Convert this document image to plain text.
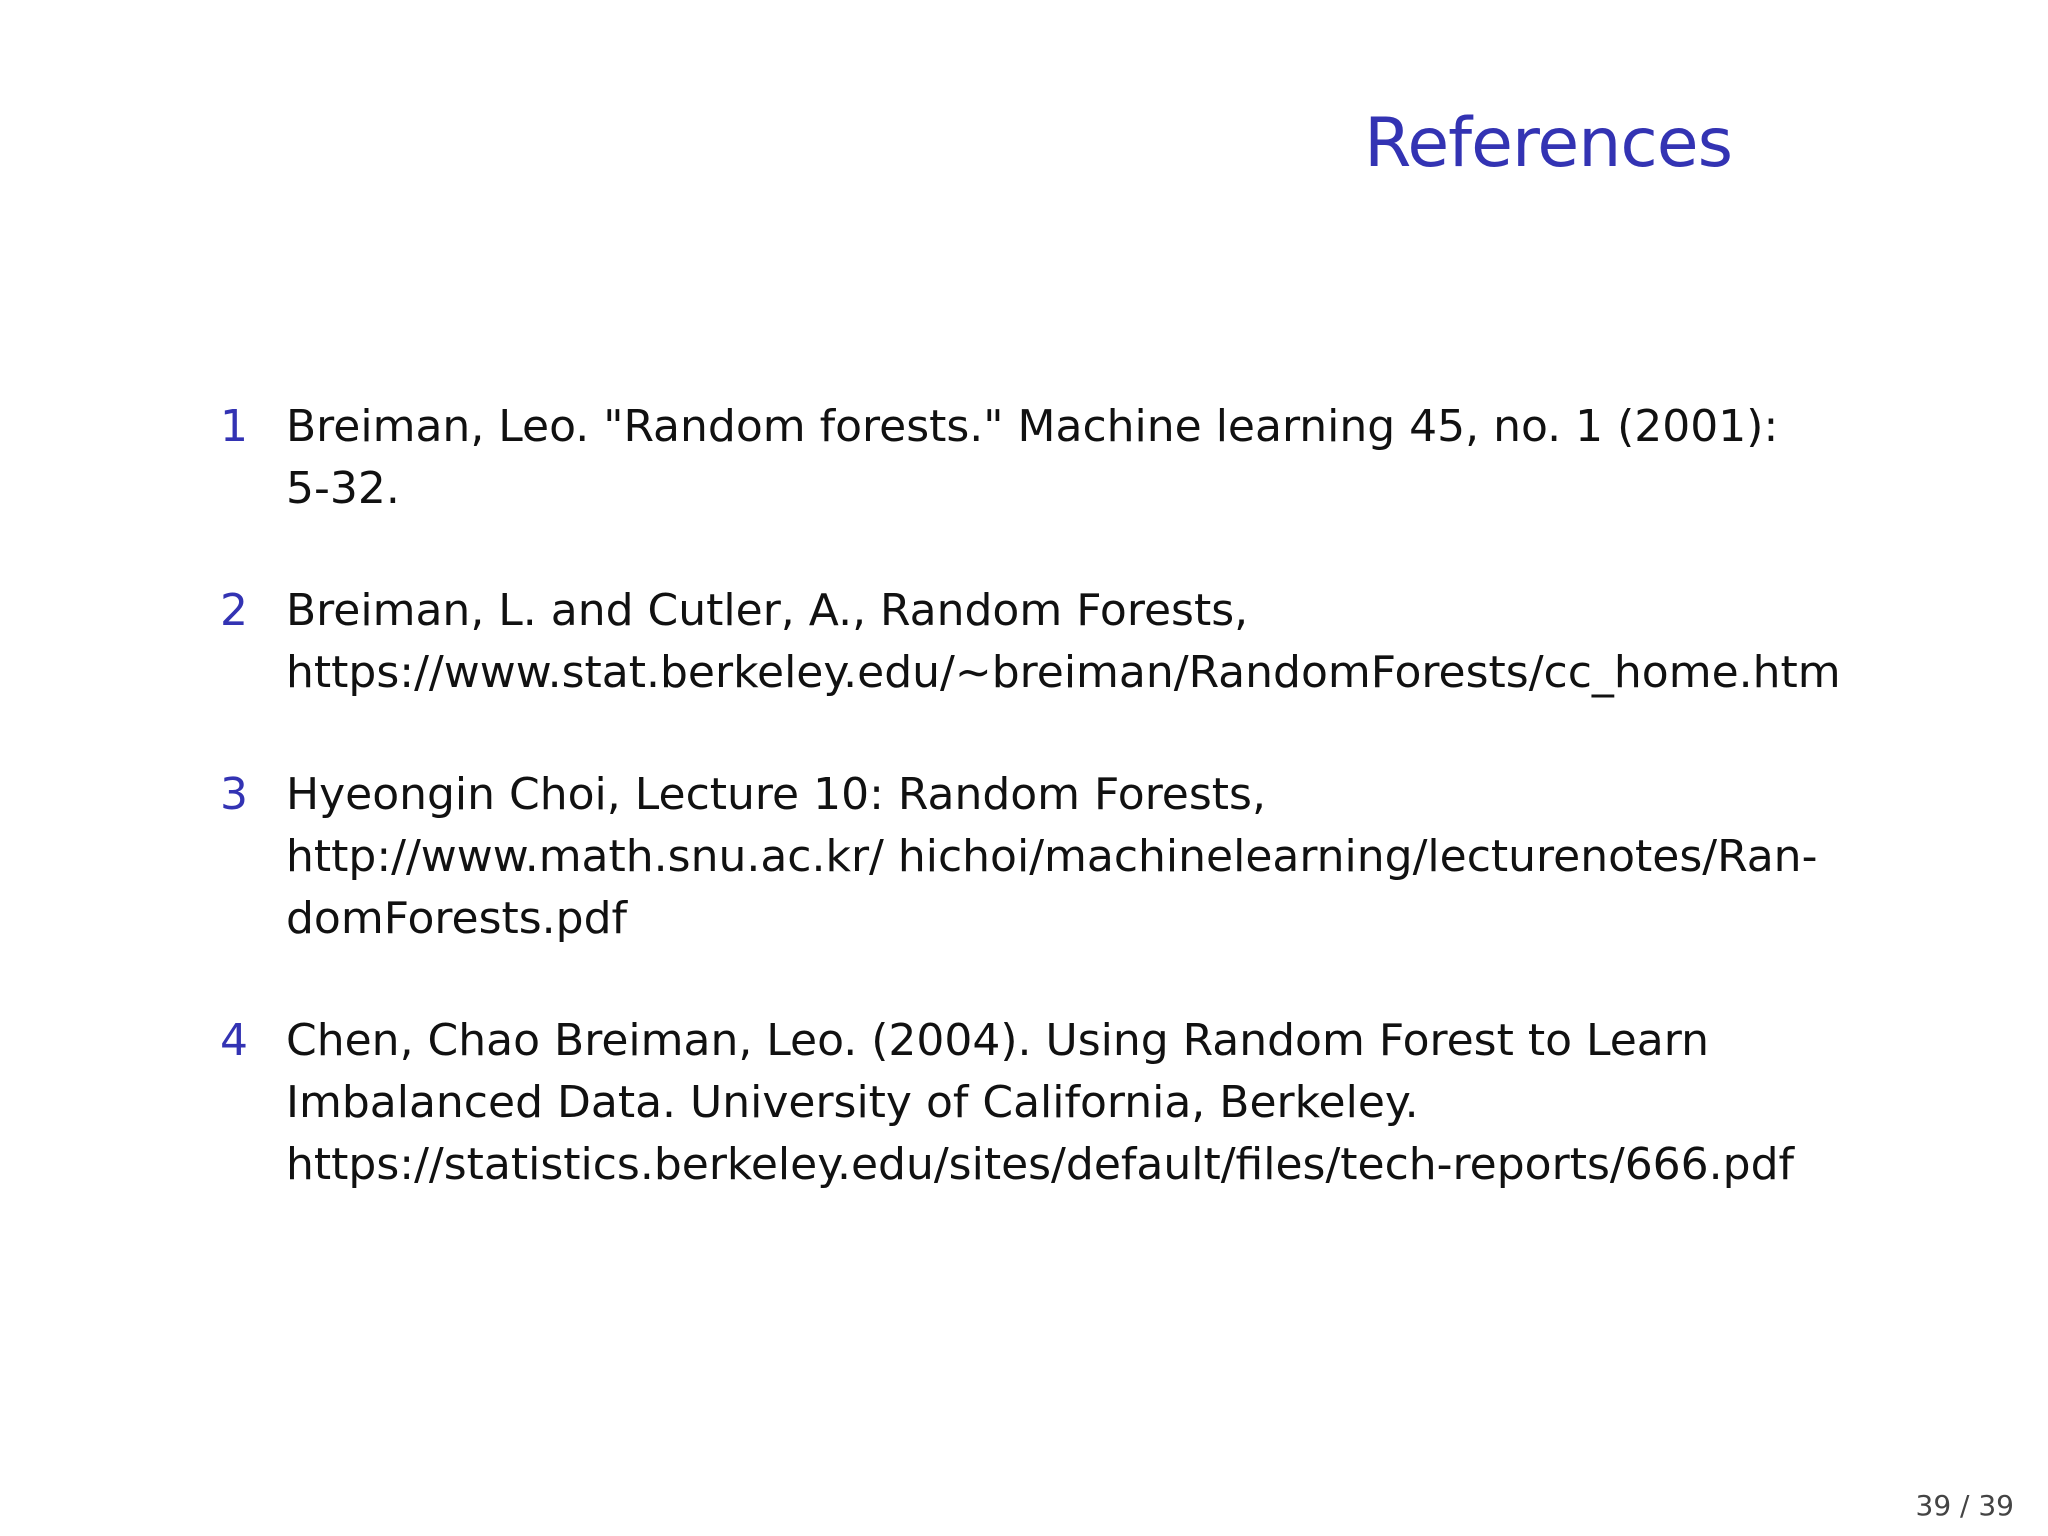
References
1 Breiman, Leo. "Random forests." Machine learning 45, no. 1 (2001):
5-32.
2 Breiman, L. and Cutler, A., Random Forests,
https://www.stat.berkeley.edu/∼breiman/RandomForests/cc_home.htm
3 Hyeongin Choi, Lecture 10: Random Forests,
http://www.math.snu.ac.kr/ hichoi/machinelearning/lecturenotes/Ran-
domForests.pdf
4 Chen, Chao Breiman, Leo. (2004). Using Random Forest to Learn
Imbalanced Data. University of California, Berkeley.
https://statistics.berkeley.edu/sites/default/files/tech-reports/666.pdf
39 / 39
